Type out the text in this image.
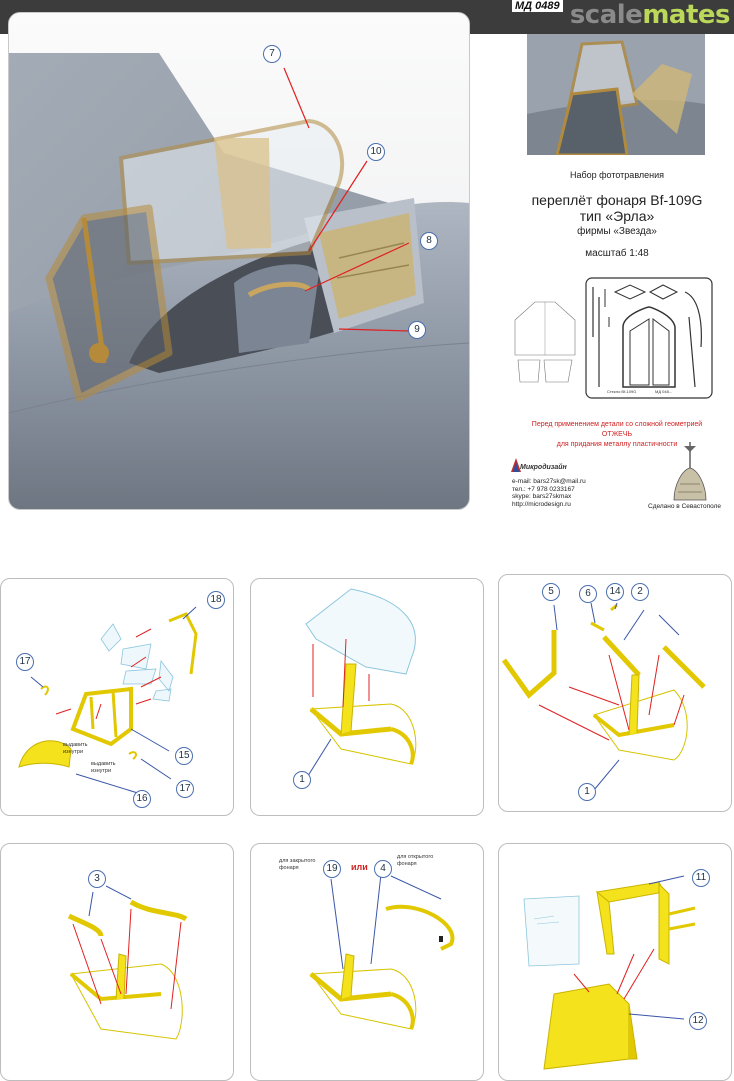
МД 0489 scalemates
7
10
8
9
Набор фототравления
переплёт фонаря Bf-109G
тип «Эрла»
фирмы «Звезда»
масштаб 1:48
Стекло Bf-109G	МД 048...
Перед применением детали со сложной геометрией
ОТЖЕЧЬ
для придания металлу пластичности
Микродизайн
e-mail: bars27sk@mail.ru
тел.: +7 978 0233167
skype: bars27skmax
http://microdesign.ru	Сделано в Севастополе
18
17
15
17
16
выдавить
изнутри
выдавить
изнутри
1
5	6	14	2
1
3
для закрытого
фонаря	19	или	4
для открытого
фонаря
11
12
